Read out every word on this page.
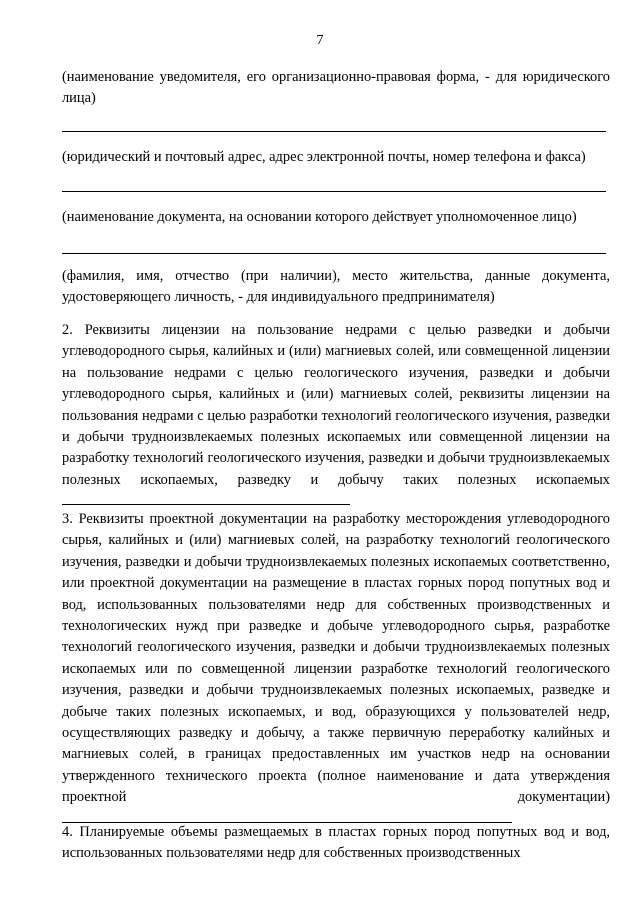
7
(наименование уведомителя, его организационно-правовая форма, - для юридического лица)
(юридический и почтовый адрес, адрес электронной почты, номер телефона и факса)
(наименование документа, на основании которого действует уполномоченное лицо)
(фамилия, имя, отчество (при наличии), место жительства, данные документа, удостоверяющего личность, - для индивидуального предпринимателя)
2. Реквизиты лицензии на пользование недрами с целью разведки и добычи углеводородного сырья, калийных и (или) магниевых солей, или совмещенной лицензии на пользование недрами с целью геологического изучения, разведки и добычи углеводородного сырья, калийных и (или) магниевых солей, реквизиты лицензии на пользования недрами с целью разработки технологий геологического изучения, разведки и добычи трудноизвлекаемых полезных ископаемых или совмещенной лицензии на разработку технологий геологического изучения, разведки и добычи трудноизвлекаемых полезных ископаемых, разведку и добычу таких полезных ископаемых
3. Реквизиты проектной документации на разработку месторождения углеводородного сырья, калийных и (или) магниевых солей, на разработку технологий геологического изучения, разведки и добычи трудноизвлекаемых полезных ископаемых соответственно, или проектной документации на размещение в пластах горных пород попутных вод и вод, использованных пользователями недр для собственных производственных и технологических нужд при разведке и добыче углеводородного сырья, разработке технологий геологического изучения, разведки и добычи трудноизвлекаемых полезных ископаемых или по совмещенной лицензии разработке технологий геологического изучения, разведки и добычи трудноизвлекаемых полезных ископаемых, разведке и добыче таких полезных ископаемых, и вод, образующихся у пользователей недр, осуществляющих разведку и добычу, а также первичную переработку калийных и магниевых солей, в границах предоставленных им участков недр на основании утвержденного технического проекта (полное наименование и дата утверждения проектной документации)
4. Планируемые объемы размещаемых в пластах горных пород попутных вод и вод, использованных пользователями недр для собственных производственных
